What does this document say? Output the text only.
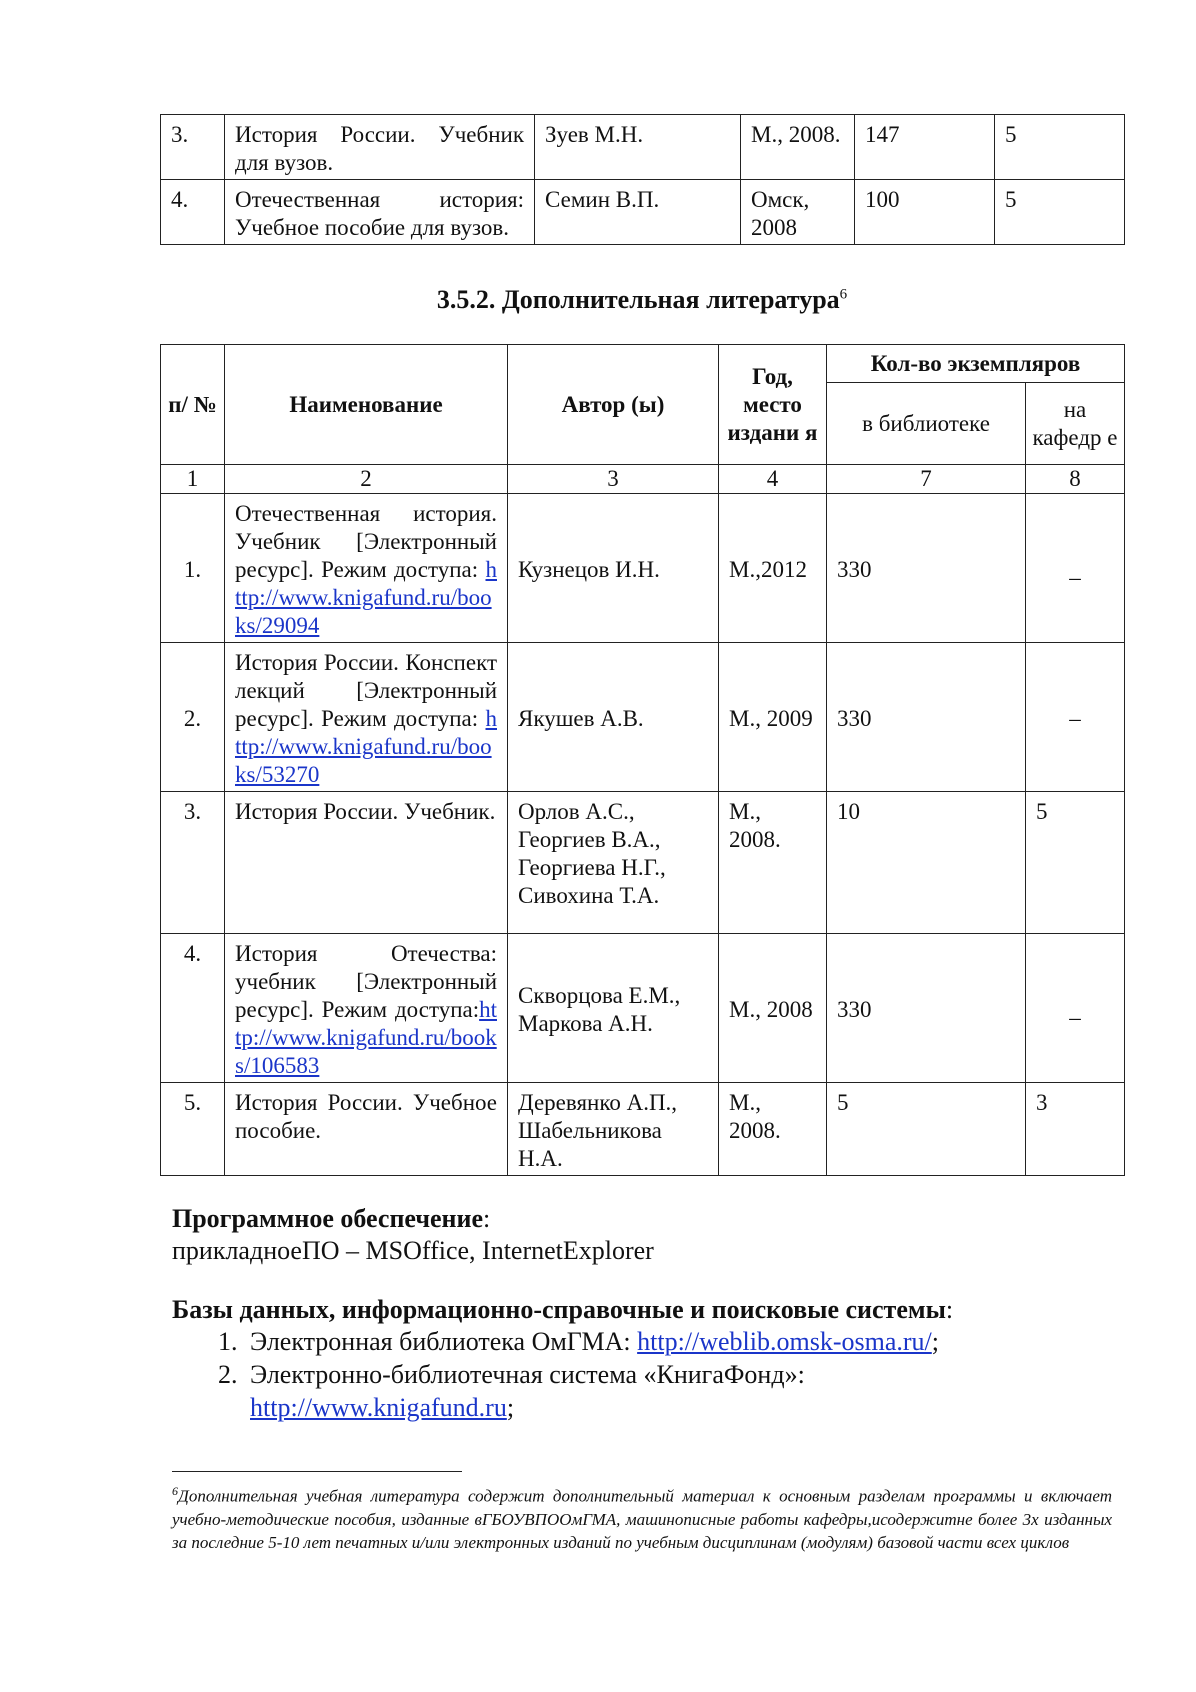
3.	История России. Учебник для вузов.	Зуев М.Н.	М., 2008.	147	5
4.	Отечественная история: Учебное пособие для вузов.	Семин В.П.	Омск, 2008	100	5
3.5.2. Дополнительная литература$^6$
п/ №	Наименование	Автор (ы)	Год, место издани я	Кол-во экземпляров	
				в библиотеке	на кафедр е
1	2	3	4	7	8
1.	Отечественная история. Учебник [Электронный ресурс]. Режим доступа: http://www.knigafund.ru/books/29094	Кузнецов И.Н.	М.,2012	330	_
2.	История России. Конспект лекций [Электронный ресурс]. Режим доступа: http://www.knigafund.ru/books/53270	Якушев А.В.	М., 2009	330	–
3.	История России. Учебник.	Орлов А.С., Георгиев В.А., Георгиева Н.Г., Сивохина Т.А.	М., 2008.	10	5
4.	История Отечества: учебник [Электронный ресурс]. Режим доступа:http://www.knigafund.ru/books/106583	Скворцова Е.М., Маркова А.Н.	М., 2008	330	_
5.	История России. Учебное пособие.	Деревянко А.П., Шабельникова Н.А.	М., 2008.	5	3
Программное обеспечение:
прикладноеПО – MSOffice, InternetExplorer
Базы данных, информационно-справочные и поисковые системы:
1. Электронная библиотека ОмГМА: http://weblib.omsk-osma.ru/;
2. Электронно-библиотечная система «КнигаФонд»:
http://www.knigafund.ru;
$^6$Дополнительная учебная литература содержит дополнительный материал к основным разделам программы и включает учебно-методические пособия, изданные вГБОУВПООмГМА, машинописные работы кафедры,исодержитне более 3х изданных за последние 5-10 лет печатных и/или электронных изданий по учебным дисциплинам (модулям) базовой части всех циклов
